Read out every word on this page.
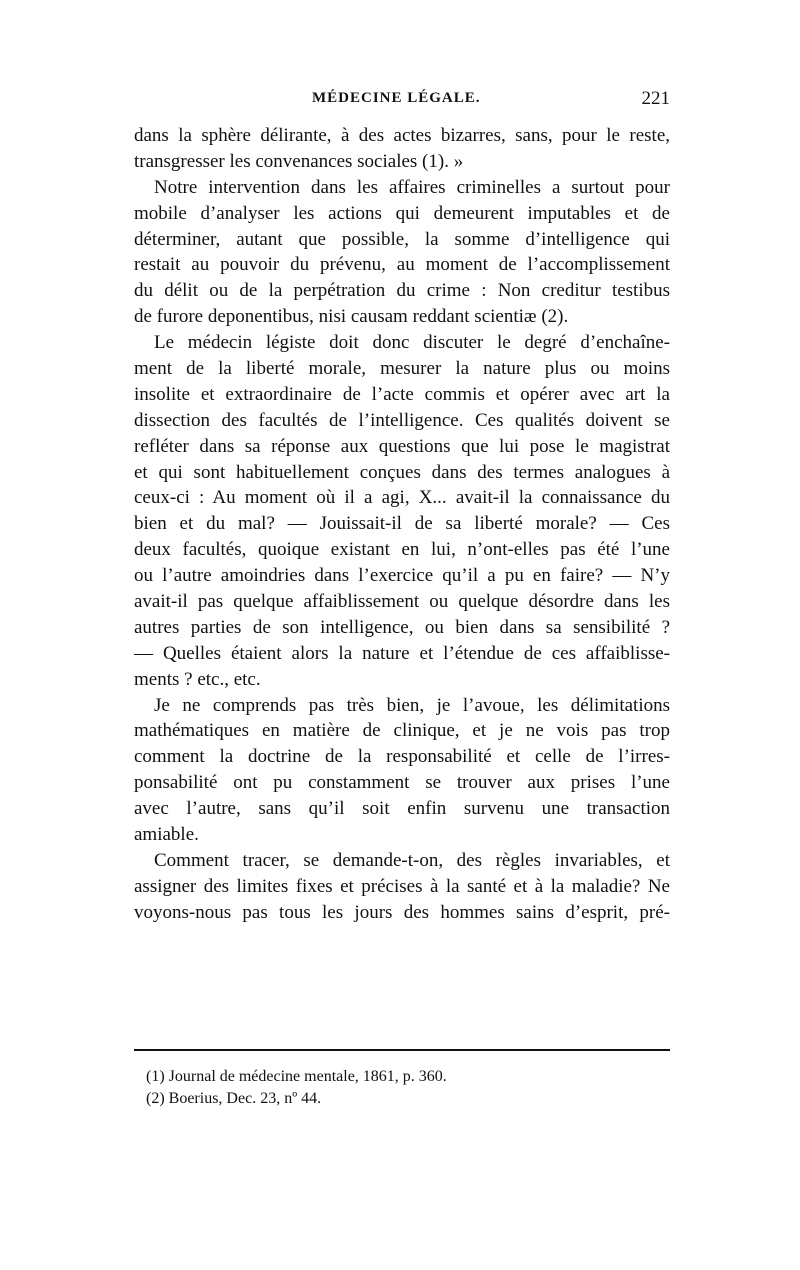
MÉDECINE LÉGALE.	221
dans la sphère délirante, à des actes bizarres, sans, pour le reste,
transgresser les convenances sociales (1). »
Notre intervention dans les affaires criminelles a surtout pour
mobile d’analyser les actions qui demeurent imputables et de
déterminer, autant que possible, la somme d’intelligence qui
restait au pouvoir du prévenu, au moment de l’accomplissement
du délit ou de la perpétration du crime : Non creditur testibus
de furore deponentibus, nisi causam reddant scientiæ (2).
Le médecin légiste doit donc discuter le degré d’enchaîne-
ment de la liberté morale, mesurer la nature plus ou moins
insolite et extraordinaire de l’acte commis et opérer avec art la
dissection des facultés de l’intelligence. Ces qualités doivent se
refléter dans sa réponse aux questions que lui pose le magistrat
et qui sont habituellement conçues dans des termes analogues à
ceux-ci : Au moment où il a agi, X... avait-il la connaissance du
bien et du mal? — Jouissait-il de sa liberté morale? — Ces
deux facultés, quoique existant en lui, n’ont-elles pas été l’une
ou l’autre amoindries dans l’exercice qu’il a pu en faire? — N’y
avait-il pas quelque affaiblissement ou quelque désordre dans les
autres parties de son intelligence, ou bien dans sa sensibilité ?
— Quelles étaient alors la nature et l’étendue de ces affaiblisse-
ments ? etc., etc.
Je ne comprends pas très bien, je l’avoue, les délimitations
mathématiques en matière de clinique, et je ne vois pas trop
comment la doctrine de la responsabilité et celle de l’irres-
ponsabilité ont pu constamment se trouver aux prises l’une
avec l’autre, sans qu’il soit enfin survenu une transaction
amiable.
Comment tracer, se demande-t-on, des règles invariables, et
assigner des limites fixes et précises à la santé et à la maladie? Ne
voyons-nous pas tous les jours des hommes sains d’esprit, pré-
(1) Journal de médecine mentale, 1861, p. 360.
(2) Boerius, Dec. 23, nº 44.
